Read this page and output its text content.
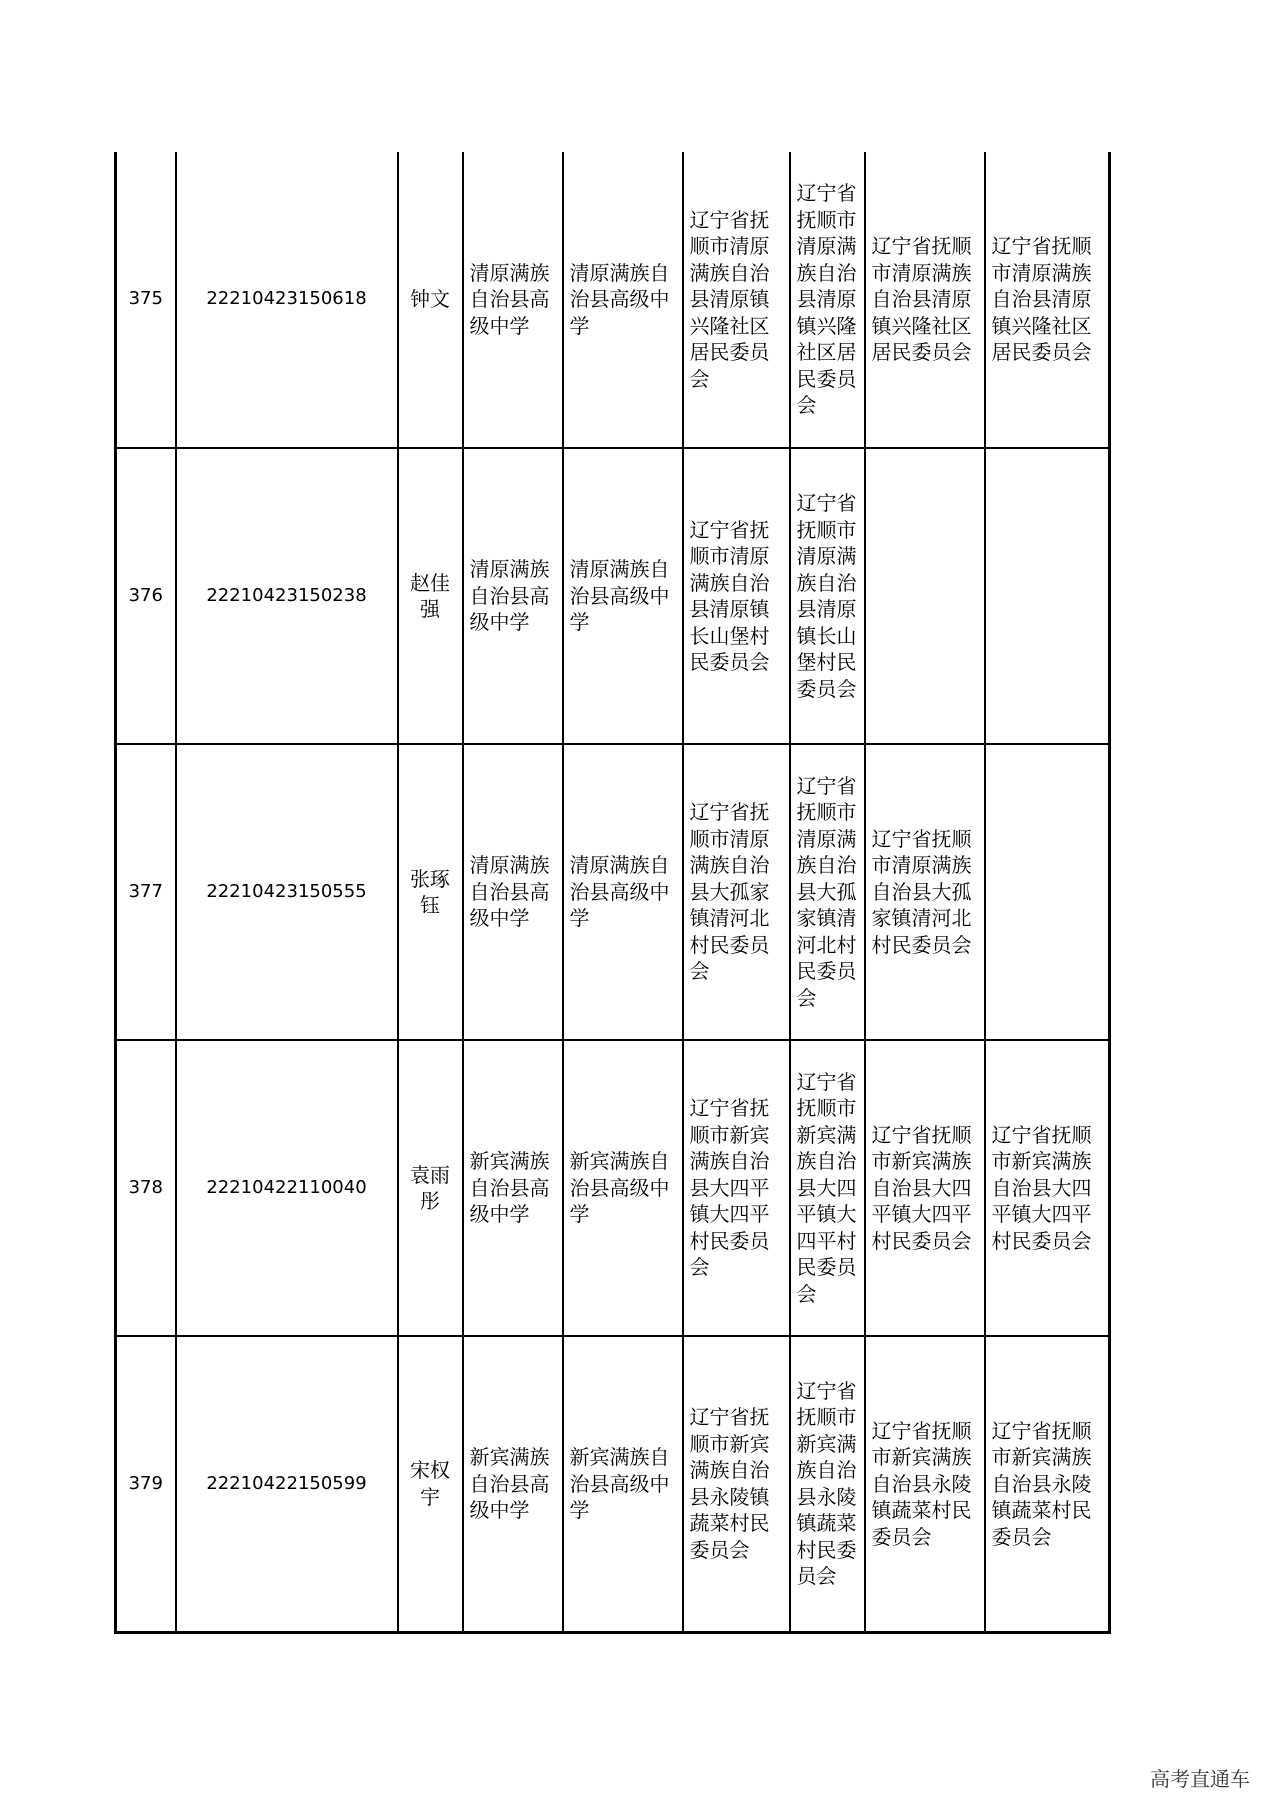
375	22210423150618	钟文	清原满族自治县高级中学	清原满族自治县高级中学	辽宁省抚顺市清原满族自治县清原镇兴隆社区居民委员会	辽宁省抚顺市清原满族自治县清原镇兴隆社区居民委员会	辽宁省抚顺市清原满族自治县清原镇兴隆社区居民委员会	辽宁省抚顺市清原满族自治县清原镇兴隆社区居民委员会
376	22210423150238	赵佳强	清原满族自治县高级中学	清原满族自治县高级中学	辽宁省抚顺市清原满族自治县清原镇长山堡村民委员会	辽宁省抚顺市清原满族自治县清原镇长山堡村民委员会		
377	22210423150555	张琢钰	清原满族自治县高级中学	清原满族自治县高级中学	辽宁省抚顺市清原满族自治县大孤家镇清河北村民委员会	辽宁省抚顺市清原满族自治县大孤家镇清河北村民委员会	辽宁省抚顺市清原满族自治县大孤家镇清河北村民委员会	
378	22210422110040	袁雨彤	新宾满族自治县高级中学	新宾满族自治县高级中学	辽宁省抚顺市新宾满族自治县大四平镇大四平村民委员会	辽宁省抚顺市新宾满族自治县大四平镇大四平村民委员会	辽宁省抚顺市新宾满族自治县大四平镇大四平村民委员会	辽宁省抚顺市新宾满族自治县大四平镇大四平村民委员会
379	22210422150599	宋权宇	新宾满族自治县高级中学	新宾满族自治县高级中学	辽宁省抚顺市新宾满族自治县永陵镇蔬菜村民委员会	辽宁省抚顺市新宾满族自治县永陵镇蔬菜村民委员会	辽宁省抚顺市新宾满族自治县永陵镇蔬菜村民委员会	辽宁省抚顺市新宾满族自治县永陵镇蔬菜村民委员会
高考直通车
